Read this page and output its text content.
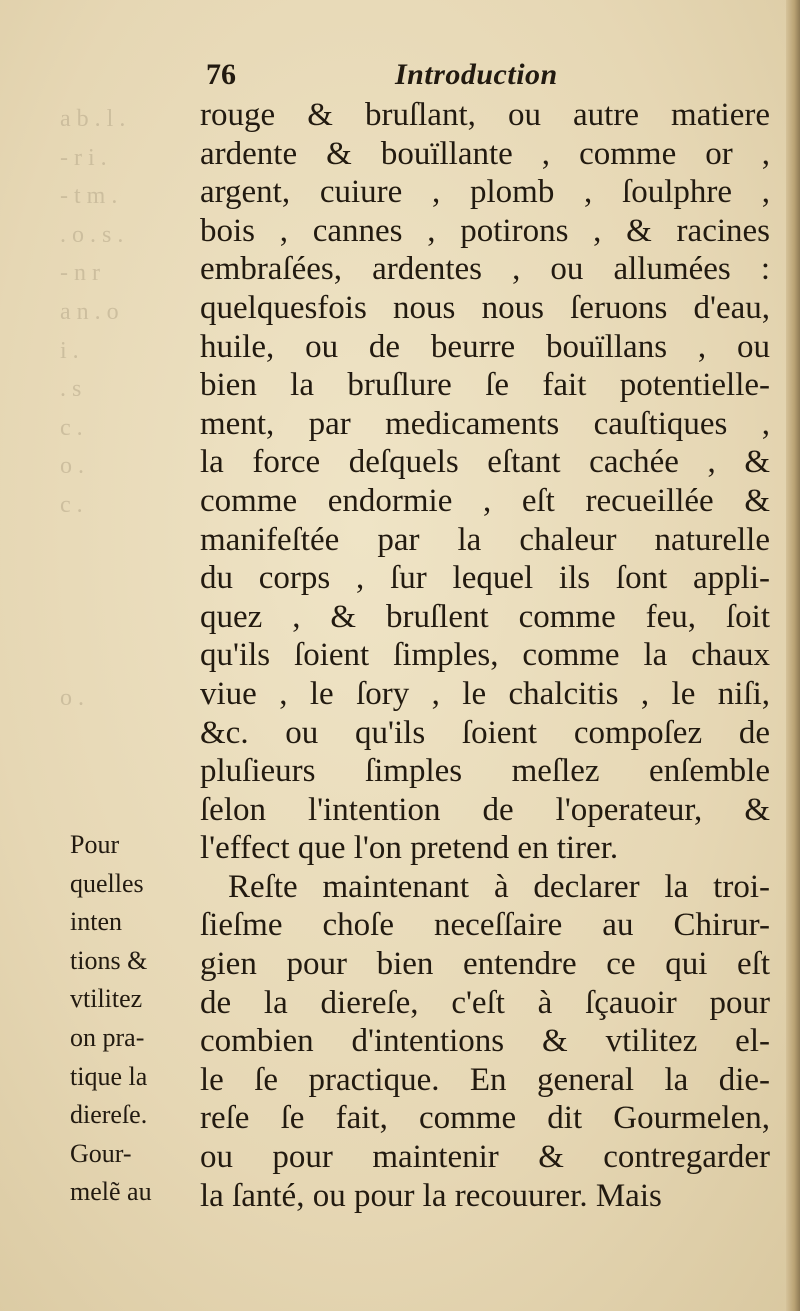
a b . l .
- r i .
- t m .
. o . s .
- n r
a n . o
i .
. s
c .
o .
c .

o .
76	Introduction
rouge & bruſlant, ou autre matiere
ardente & bouïllante , comme or ,
argent, cuiure , plomb , ſoulphre ,
bois , cannes , potirons , & racines
embraſées, ardentes , ou allumées :
quelquesfois nous nous ſeruons d'eau,
huile, ou de beurre bouïllans , ou
bien la bruſlure ſe fait potentielle-
ment, par medicaments cauſtiques ,
la force deſquels eſtant cachée , &
comme endormie , eſt recueillée &
manifeſtée par la chaleur naturelle
du corps , ſur lequel ils ſont appli-
quez , & bruſlent comme feu, ſoit
qu'ils ſoient ſimples, comme la chaux
viue , le ſory , le chalcitis , le niſi,
&c. ou qu'ils ſoient compoſez de
pluſieurs ſimples meſlez enſemble
ſelon l'intention de l'operateur, &
l'effect que l'on pretend en tirer.
Reſte maintenant à declarer la troi-
ſieſme choſe neceſſaire au Chirur-
gien pour bien entendre ce qui eſt
de la diereſe, c'eſt à ſçauoir pour
combien d'intentions & vtilitez el-
le ſe practique. En general la die-
reſe ſe fait, comme dit Gourmelen,
ou pour maintenir & contregarder
la ſanté, ou pour la recouurer. Mais
Pour
quelles
inten
tions &
vtilitez
on pra-
tique la
diereſe.
Gour-
melẽ au
